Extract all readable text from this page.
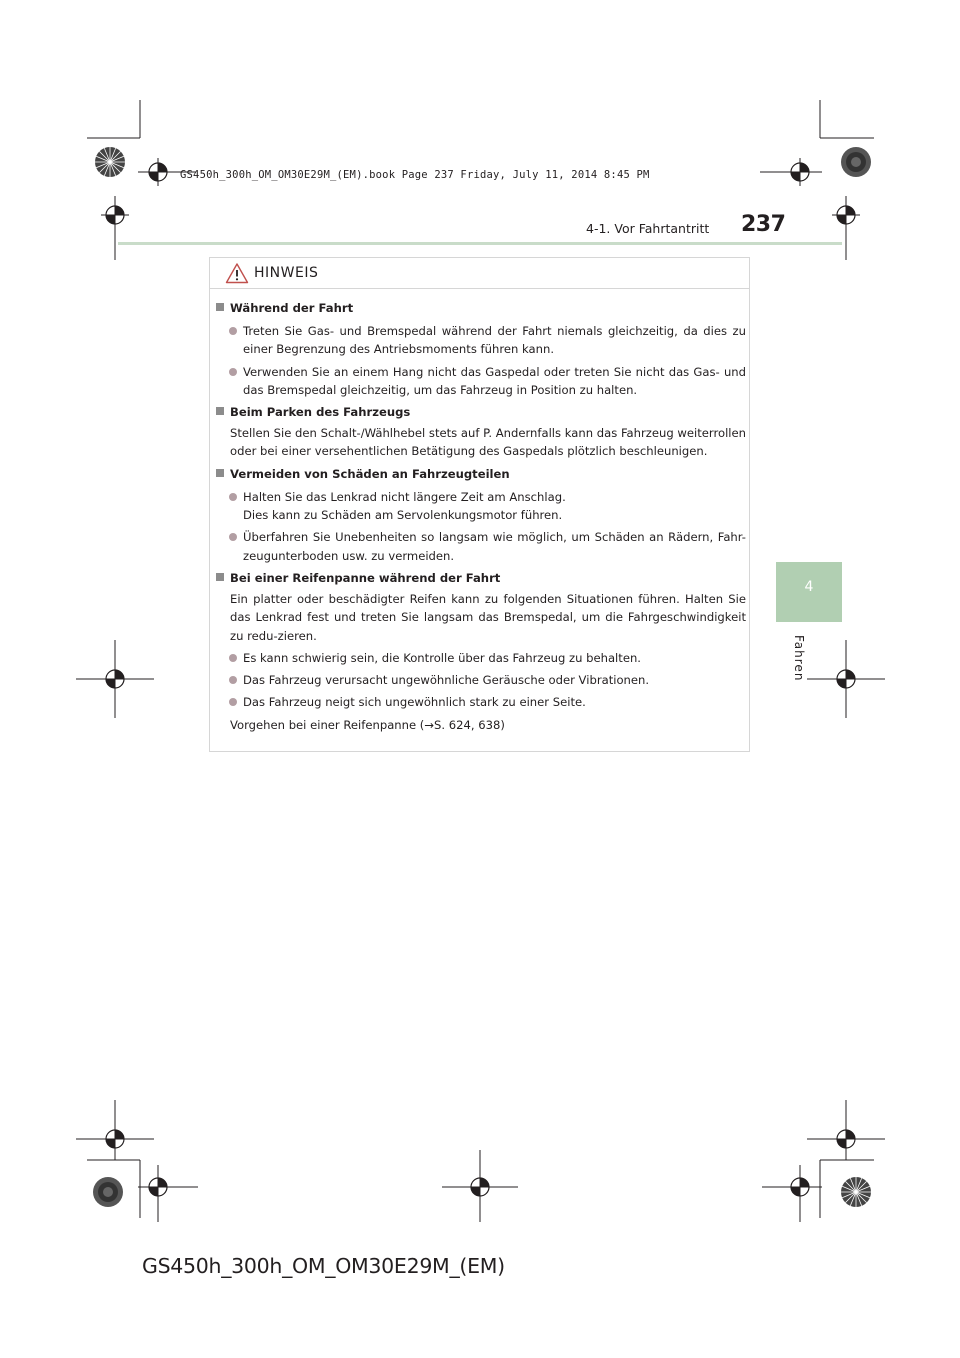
GS450h_300h_OM_OM30E29M_(EM).book Page 237 Friday, July 11, 2014 8:45 PM
4-1. Vor Fahrtantritt 237
4
Fahren
HINWEIS
Während der Fahrt
Treten Sie Gas- und Bremspedal während der Fahrt niemals gleichzeitig, da dies zu einer Begrenzung des Antriebsmoments führen kann.
Verwenden Sie an einem Hang nicht das Gaspedal oder treten Sie nicht das Gas- und das Bremspedal gleichzeitig, um das Fahrzeug in Position zu halten.
Beim Parken des Fahrzeugs
Stellen Sie den Schalt-/Wählhebel stets auf P. Andernfalls kann das Fahrzeug weiterrollen oder bei einer versehentlichen Betätigung des Gaspedals plötzlich beschleunigen.
Vermeiden von Schäden an Fahrzeugteilen
Halten Sie das Lenkrad nicht längere Zeit am Anschlag.
Dies kann zu Schäden am Servolenkungsmotor führen.
Überfahren Sie Unebenheiten so langsam wie möglich, um Schäden an Rädern, Fahr-zeugunterboden usw. zu vermeiden.
Bei einer Reifenpanne während der Fahrt
Ein platter oder beschädigter Reifen kann zu folgenden Situationen führen. Halten Sie das Lenkrad fest und treten Sie langsam das Bremspedal, um die Fahrgeschwindigkeit zu redu-zieren.
Es kann schwierig sein, die Kontrolle über das Fahrzeug zu behalten.
Das Fahrzeug verursacht ungewöhnliche Geräusche oder Vibrationen.
Das Fahrzeug neigt sich ungewöhnlich stark zu einer Seite.
Vorgehen bei einer Reifenpanne (→S. 624, 638)
GS450h_300h_OM_OM30E29M_(EM)
